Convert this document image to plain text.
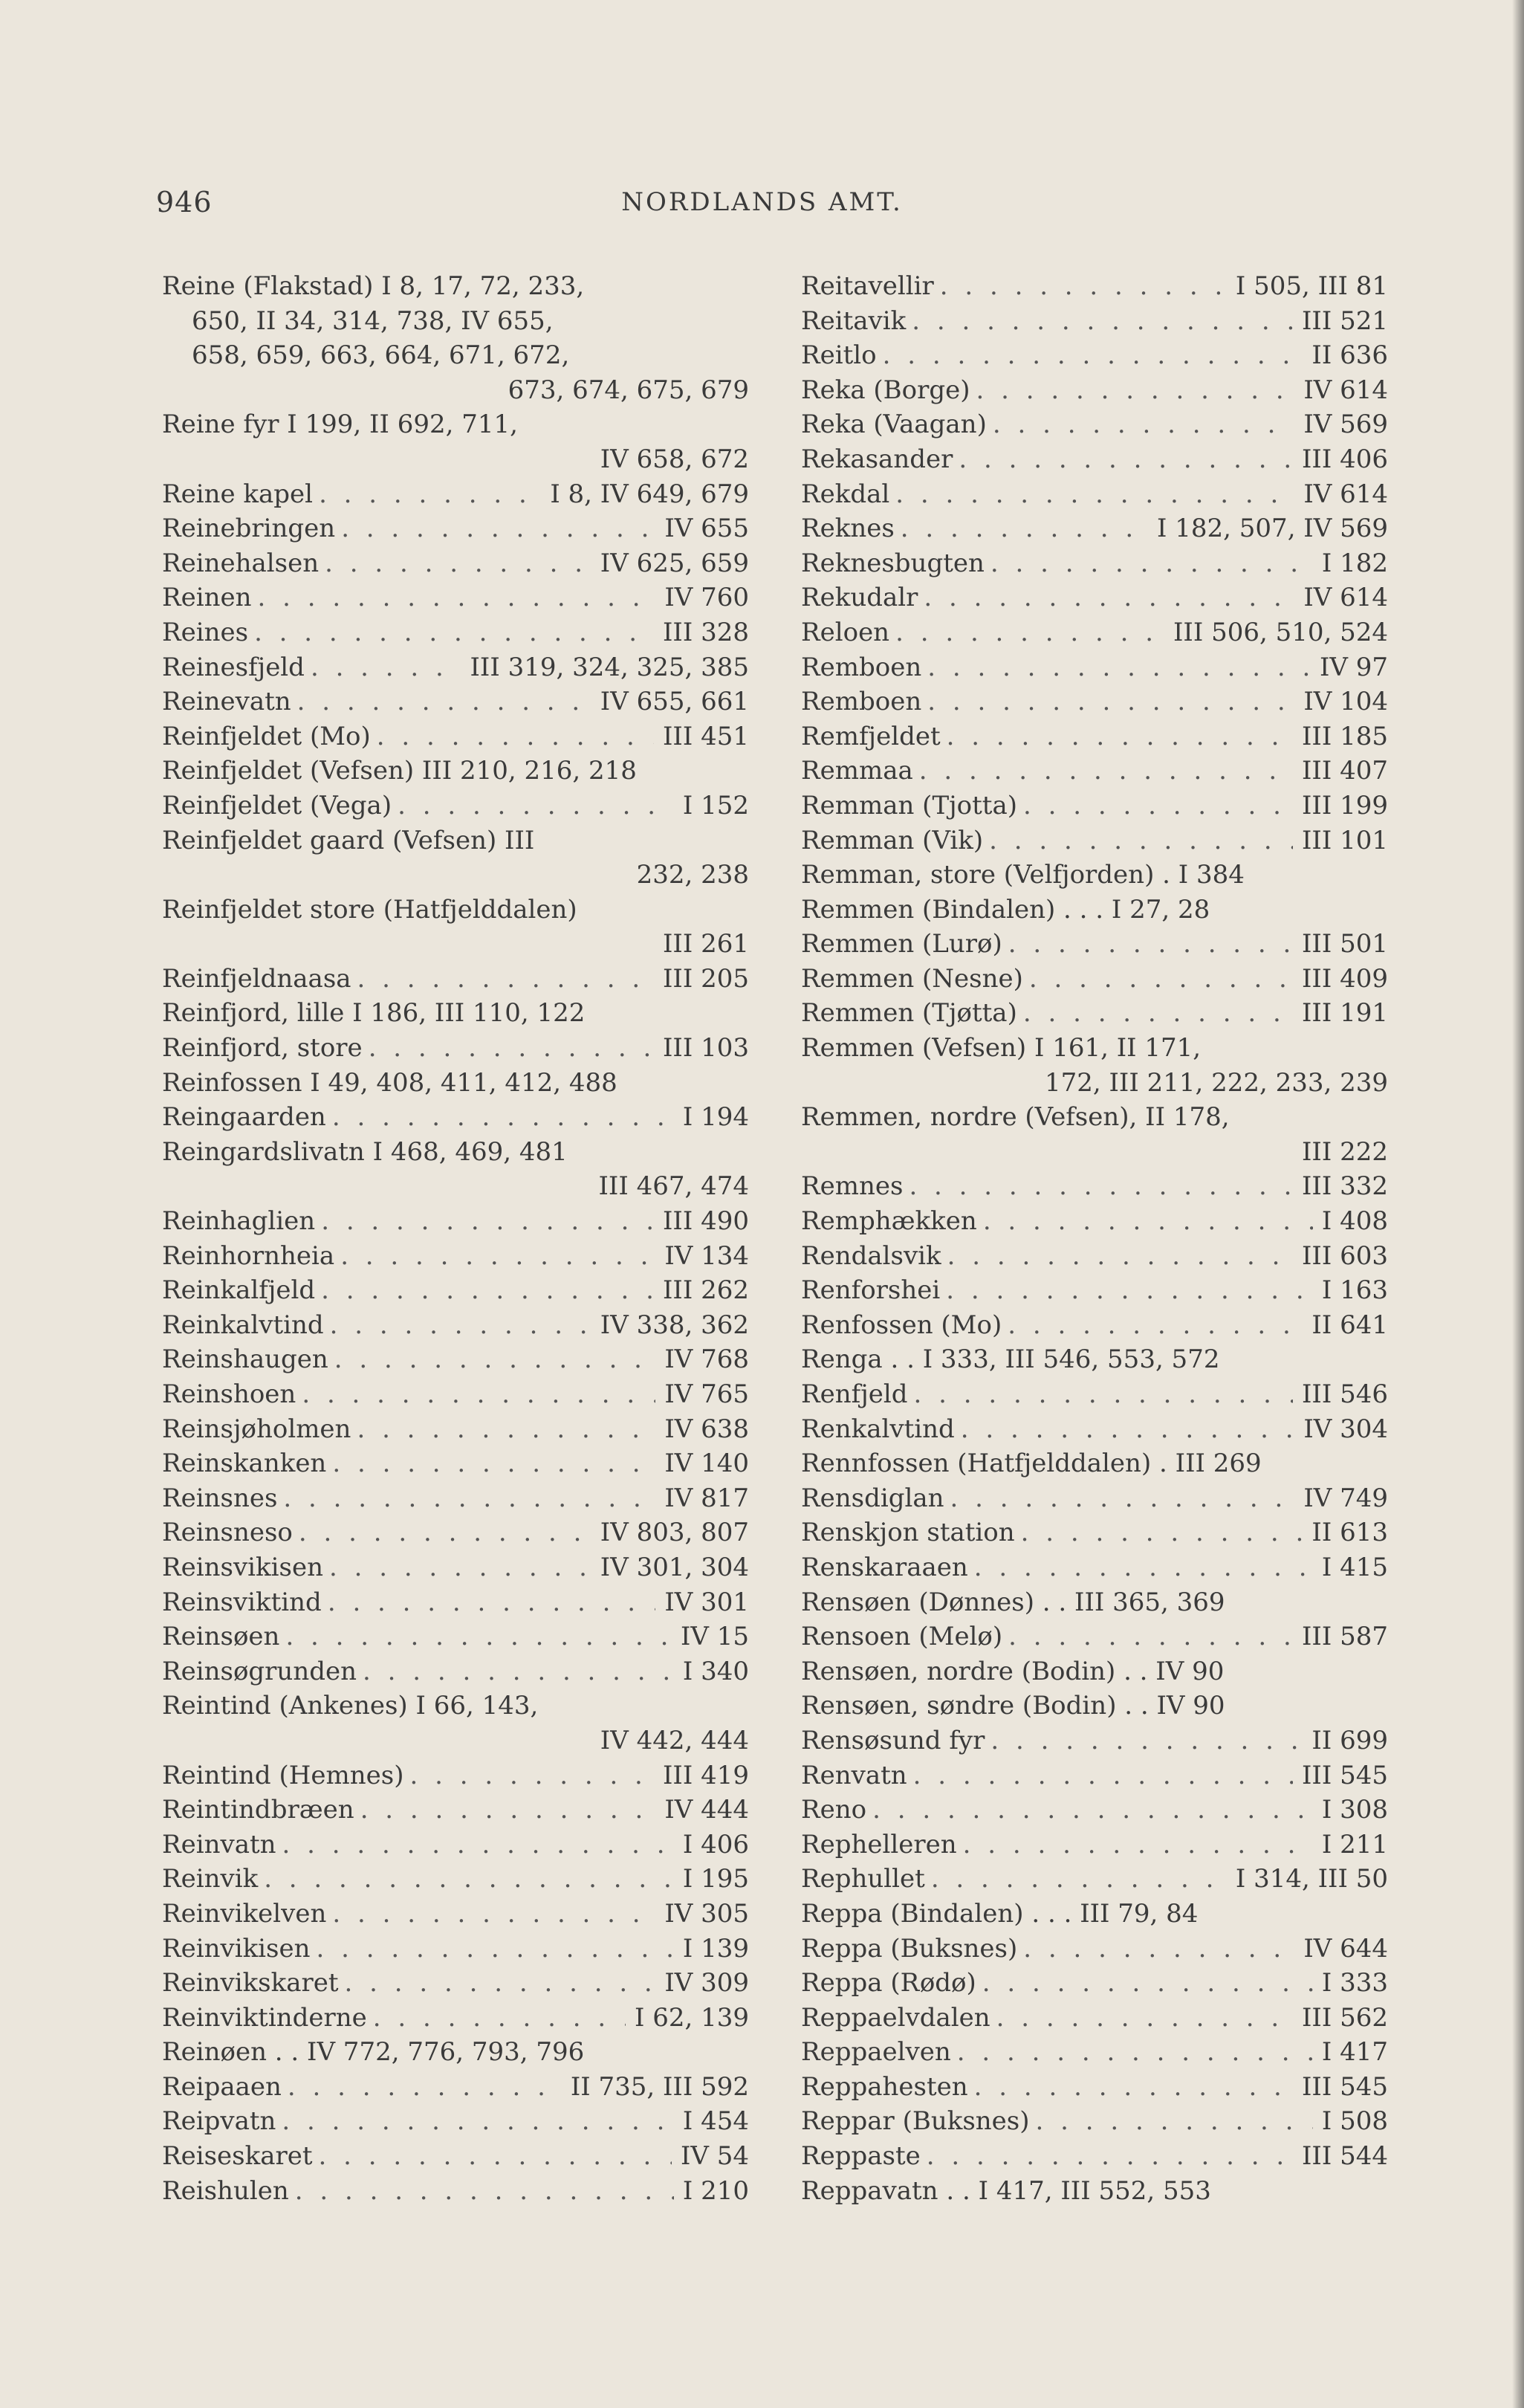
946	NORDLANDS AMT.
Reine (Flakstad) I 8, 17, 72, 233,
650, II 34, 314, 738, IV 655,
658, 659, 663, 664, 671, 672,
673, 674, 675, 679
Reine fyr I 199, II 692, 711,
IV 658, 672
Reine kapel . . .	I 8, IV 649, 679
Reinebringen . . .	IV 655
Reinehalsen . . .	IV 625, 659
Reinen . . .	IV 760
Reines . . .	III 328
Reinesfjeld . . .	III 319, 324, 325, 385
Reinevatn . . .	IV 655, 661
Reinfjeldet (Mo) . . .	III 451
Reinfjeldet (Vefsen) III 210, 216, 218
Reinfjeldet (Vega) . . .	I 152
Reinfjeldet gaard (Vefsen) III
232, 238
Reinfjeldet store (Hatfjelddalen)
III 261
Reinfjeldnaasa . . .	III 205
Reinfjord, lille I 186, III 110, 122
Reinfjord, store . . .	III 103
Reinfossen I 49, 408, 411, 412, 488
Reingaarden . . .	I 194
Reingardslivatn I 468, 469, 481
III 467, 474
Reinhaglien . . .	III 490
Reinhornheia . . .	IV 134
Reinkalfjeld . . .	III 262
Reinkalvtind . . .	IV 338, 362
Reinshaugen . . .	IV 768
Reinshoen . . .	IV 765
Reinsjøholmen . . .	IV 638
Reinskanken . . .	IV 140
Reinsnes . . .	IV 817
Reinsneso . . .	IV 803, 807
Reinsvikisen . . .	IV 301, 304
Reinsviktind . . .	IV 301
Reinsøen . . .	IV 15
Reinsøgrunden . . .	I 340
Reintind (Ankenes) I 66, 143,
IV 442, 444
Reintind (Hemnes) . . .	III 419
Reintindbræen . . .	IV 444
Reinvatn . . .	I 406
Reinvik . . .	I 195
Reinvikelven . . .	IV 305
Reinvikisen . . .	I 139
Reinvikskaret . . .	IV 309
Reinviktinderne . . .	I 62, 139
Reinøen . . IV 772, 776, 793, 796
Reipaaen . . .	II 735, III 592
Reipvatn . . .	I 454
Reiseskaret . . .	IV 54
Reishulen . . .	I 210
Reitavellir . . .	I 505, III 81
Reitavik . . .	III 521
Reitlo . . .	II 636
Reka (Borge) . . .	IV 614
Reka (Vaagan) . . .	IV 569
Rekasander . . .	III 406
Rekdal . . .	IV 614
Reknes . . .	I 182, 507, IV 569
Reknesbugten . . .	I 182
Rekudalr . . .	IV 614
Reloen . . .	III 506, 510, 524
Remboen . . .	IV 97
Remboen . . .	IV 104
Remfjeldet . . .	III 185
Remmaa . . .	III 407
Remman (Tjotta) . . .	III 199
Remman (Vik) . . .	III 101
Remman, store (Velfjorden) . I 384
Remmen (Bindalen) . . . I 27, 28
Remmen (Lurø) . . .	III 501
Remmen (Nesne) . . .	III 409
Remmen (Tjøtta) . . .	III 191
Remmen (Vefsen) I 161, II 171,
172, III 211, 222, 233, 239
Remmen, nordre (Vefsen), II 178,
III 222
Remnes . . .	III 332
Remphækken . . .	I 408
Rendalsvik . . .	III 603
Renforshei . . .	I 163
Renfossen (Mo) . . .	II 641
Renga . . I 333, III 546, 553, 572
Renfjeld . . .	III 546
Renkalvtind . . .	IV 304
Rennfossen (Hatfjelddalen) . III 269
Rensdiglan . . .	IV 749
Renskjon station . . .	II 613
Renskaraaen . . .	I 415
Rensøen (Dønnes) . . III 365, 369
Rensoen (Melø) . . .	III 587
Rensøen, nordre (Bodin) . . IV 90
Rensøen, søndre (Bodin) . . IV 90
Rensøsund fyr . . .	II 699
Renvatn . . .	III 545
Reno . . .	I 308
Rephelleren . . .	I 211
Rephullet . . .	I 314, III 50
Reppa (Bindalen) . . . III 79, 84
Reppa (Buksnes) . . .	IV 644
Reppa (Rødø) . . .	I 333
Reppaelvdalen . . .	III 562
Reppaelven . . .	I 417
Reppahesten . . .	III 545
Reppar (Buksnes) . . .	I 508
Reppaste . . .	III 544
Reppavatn . . I 417, III 552, 553
